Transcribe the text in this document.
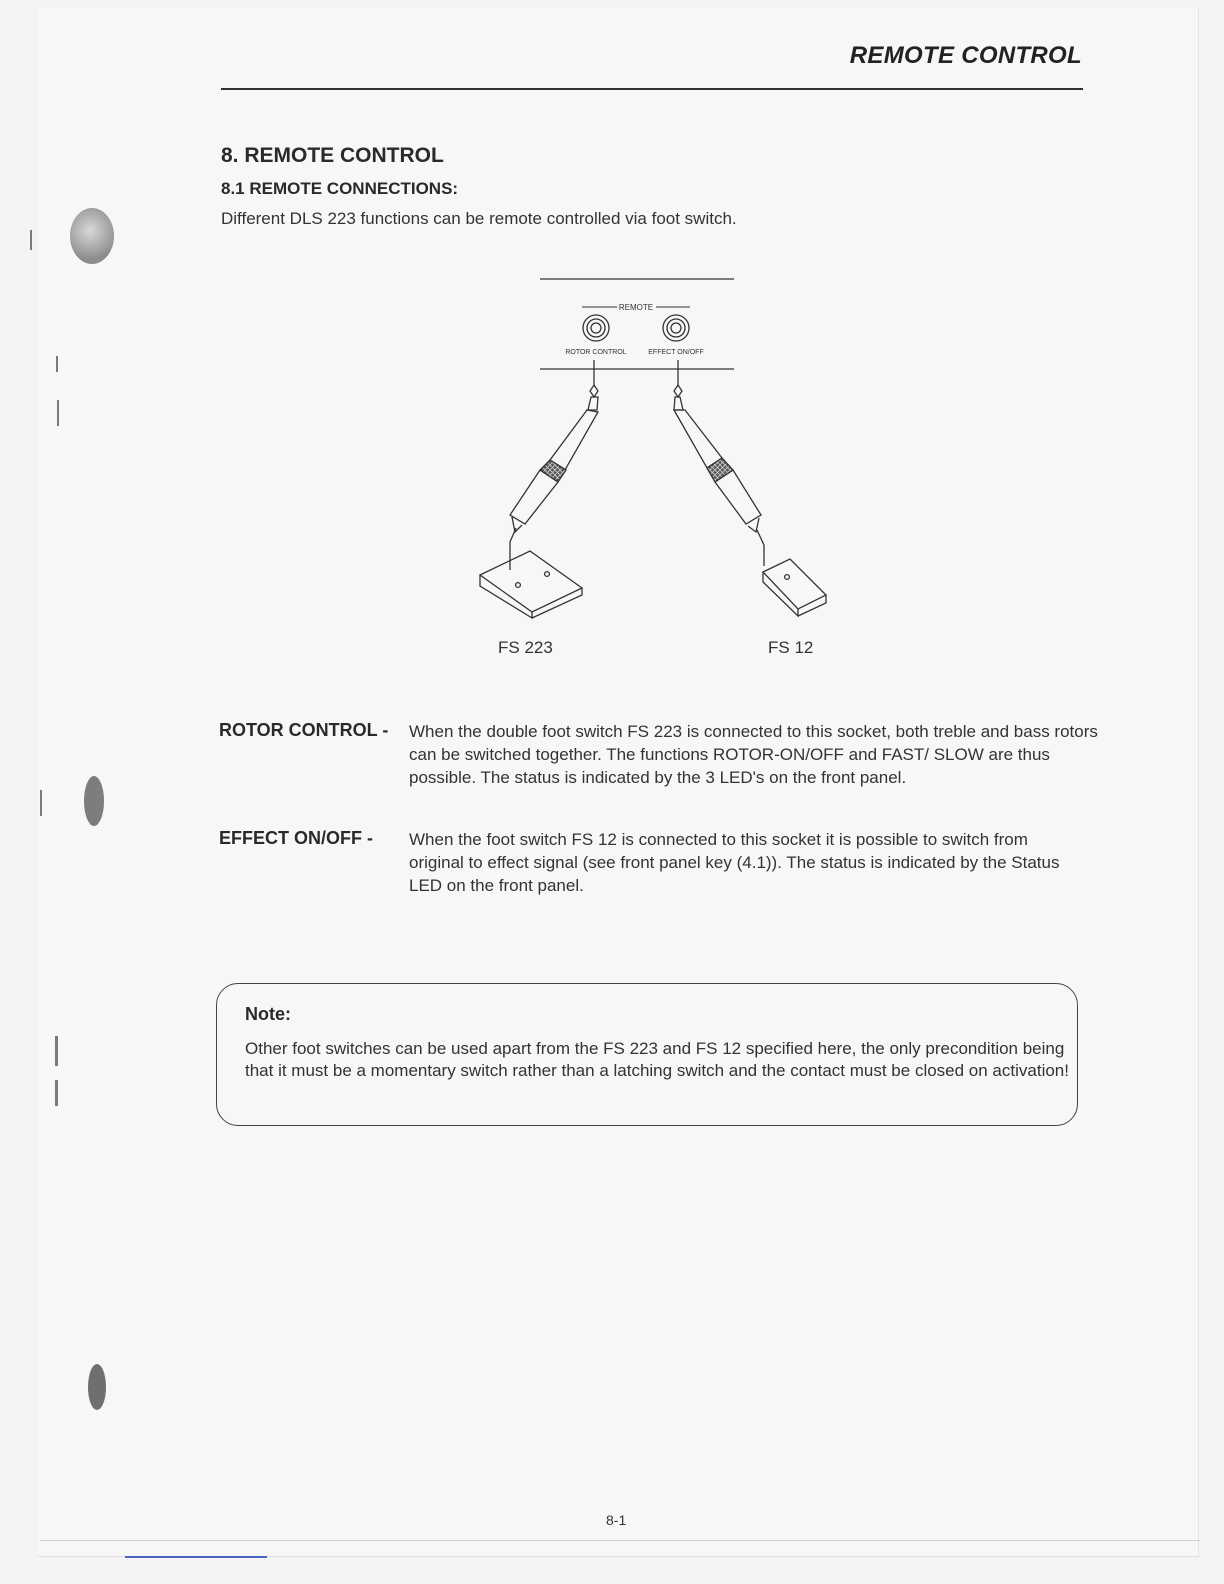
REMOTE CONTROL
8. REMOTE CONTROL
8.1 REMOTE CONNECTIONS:
Different DLS 223 functions can be remote controlled via foot switch.
REMOTE
ROTOR CONTROL	EFFECT ON/OFF
FS 223	FS 12
ROTOR CONTROL - When the double foot switch FS 223 is connected to this socket, both treble and bass rotors can be switched together. The functions ROTOR-ON/OFF and FAST/ SLOW are thus possible. The status is indicated by the 3 LED's on the front panel.
EFFECT ON/OFF - When the foot switch FS 12 is connected to this socket it is possible to switch from original to effect signal (see front panel key (4.1)). The status is indicated by the Status LED on the front panel.
Note:
Other foot switches can be used apart from the FS 223 and FS 12 specified here, the only precondition being that it must be a momentary switch rather than a latching switch and the contact must be closed on activation!
8-1
